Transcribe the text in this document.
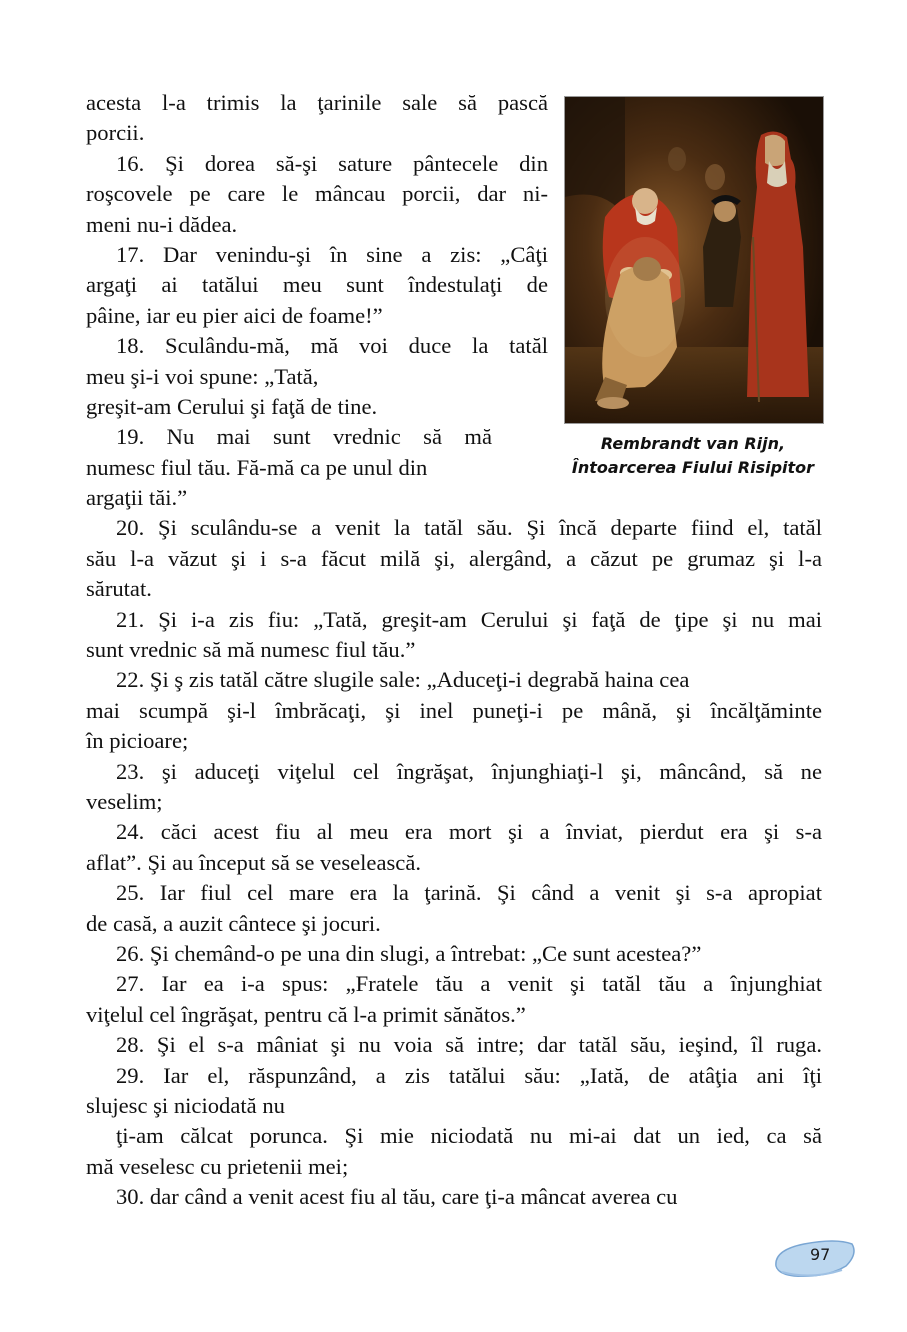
acesta l-a trimis la ţarinile sale să pască
porcii.
16. Şi dorea să-şi sature pântecele din
roşcovele pe care le mâncau porcii, dar ni-
meni nu-i dădea.
17. Dar venindu-şi în sine a zis: „Câţi
argaţi ai tatălui meu sunt îndestulaţi de
pâine, iar eu pier aici de foame!”
18. Sculându-mă, mă voi duce la tatăl
meu şi-i voi spune: „Tată,
greşit-am Cerului şi faţă de tine.
19. Nu mai sunt vrednic să mă
numesc fiul tău. Fă-mă ca pe unul din
argaţii tăi.”
20. Şi sculându-se a venit la tatăl său. Şi încă departe fiind el, tatăl
său l-a văzut şi i s-a făcut milă şi, alergând, a căzut pe grumaz şi l-a
sărutat.
21. Şi i-a zis fiu: „Tată, greşit-am Cerului şi faţă de ţipe şi nu mai
sunt vrednic să mă numesc fiul tău.”
22. Şi ş zis tatăl către slugile sale: „Aduceţi-i degrabă haina cea
mai scumpă şi-l îmbrăcaţi, şi inel puneţi-i pe mână, şi încălţăminte
în picioare;
23. şi aduceţi viţelul cel îngrăşat, înjunghiaţi-l şi, mâncând, să ne
veselim;
24. căci acest fiu al meu era mort şi a înviat, pierdut era şi s-a
aflat”. Şi au început să se veselească.
25. Iar fiul cel mare era la ţarină. Şi când a venit şi s-a apropiat
de casă, a auzit cântece şi jocuri.
26. Şi chemând-o pe una din slugi, a întrebat: „Ce sunt acestea?”
27. Iar ea i-a spus: „Fratele tău a venit şi tatăl tău a înjunghiat
viţelul cel îngrăşat, pentru că l-a primit sănătos.”
28. Şi el s-a mâniat şi nu voia să intre; dar tatăl său, ieşind, îl ruga.
29. Iar el, răspunzând, a zis tatălui său: „Iată, de atâţia ani îţi
slujesc şi niciodată nu
ţi-am călcat porunca. Şi mie niciodată nu mi-ai dat un ied, ca să
mă veselesc cu prietenii mei;
30. dar când a venit acest fiu al tău, care ţi-a mâncat averea cu
Rembrandt van Rijn,
Întoarcerea Fiului Risipitor
97
